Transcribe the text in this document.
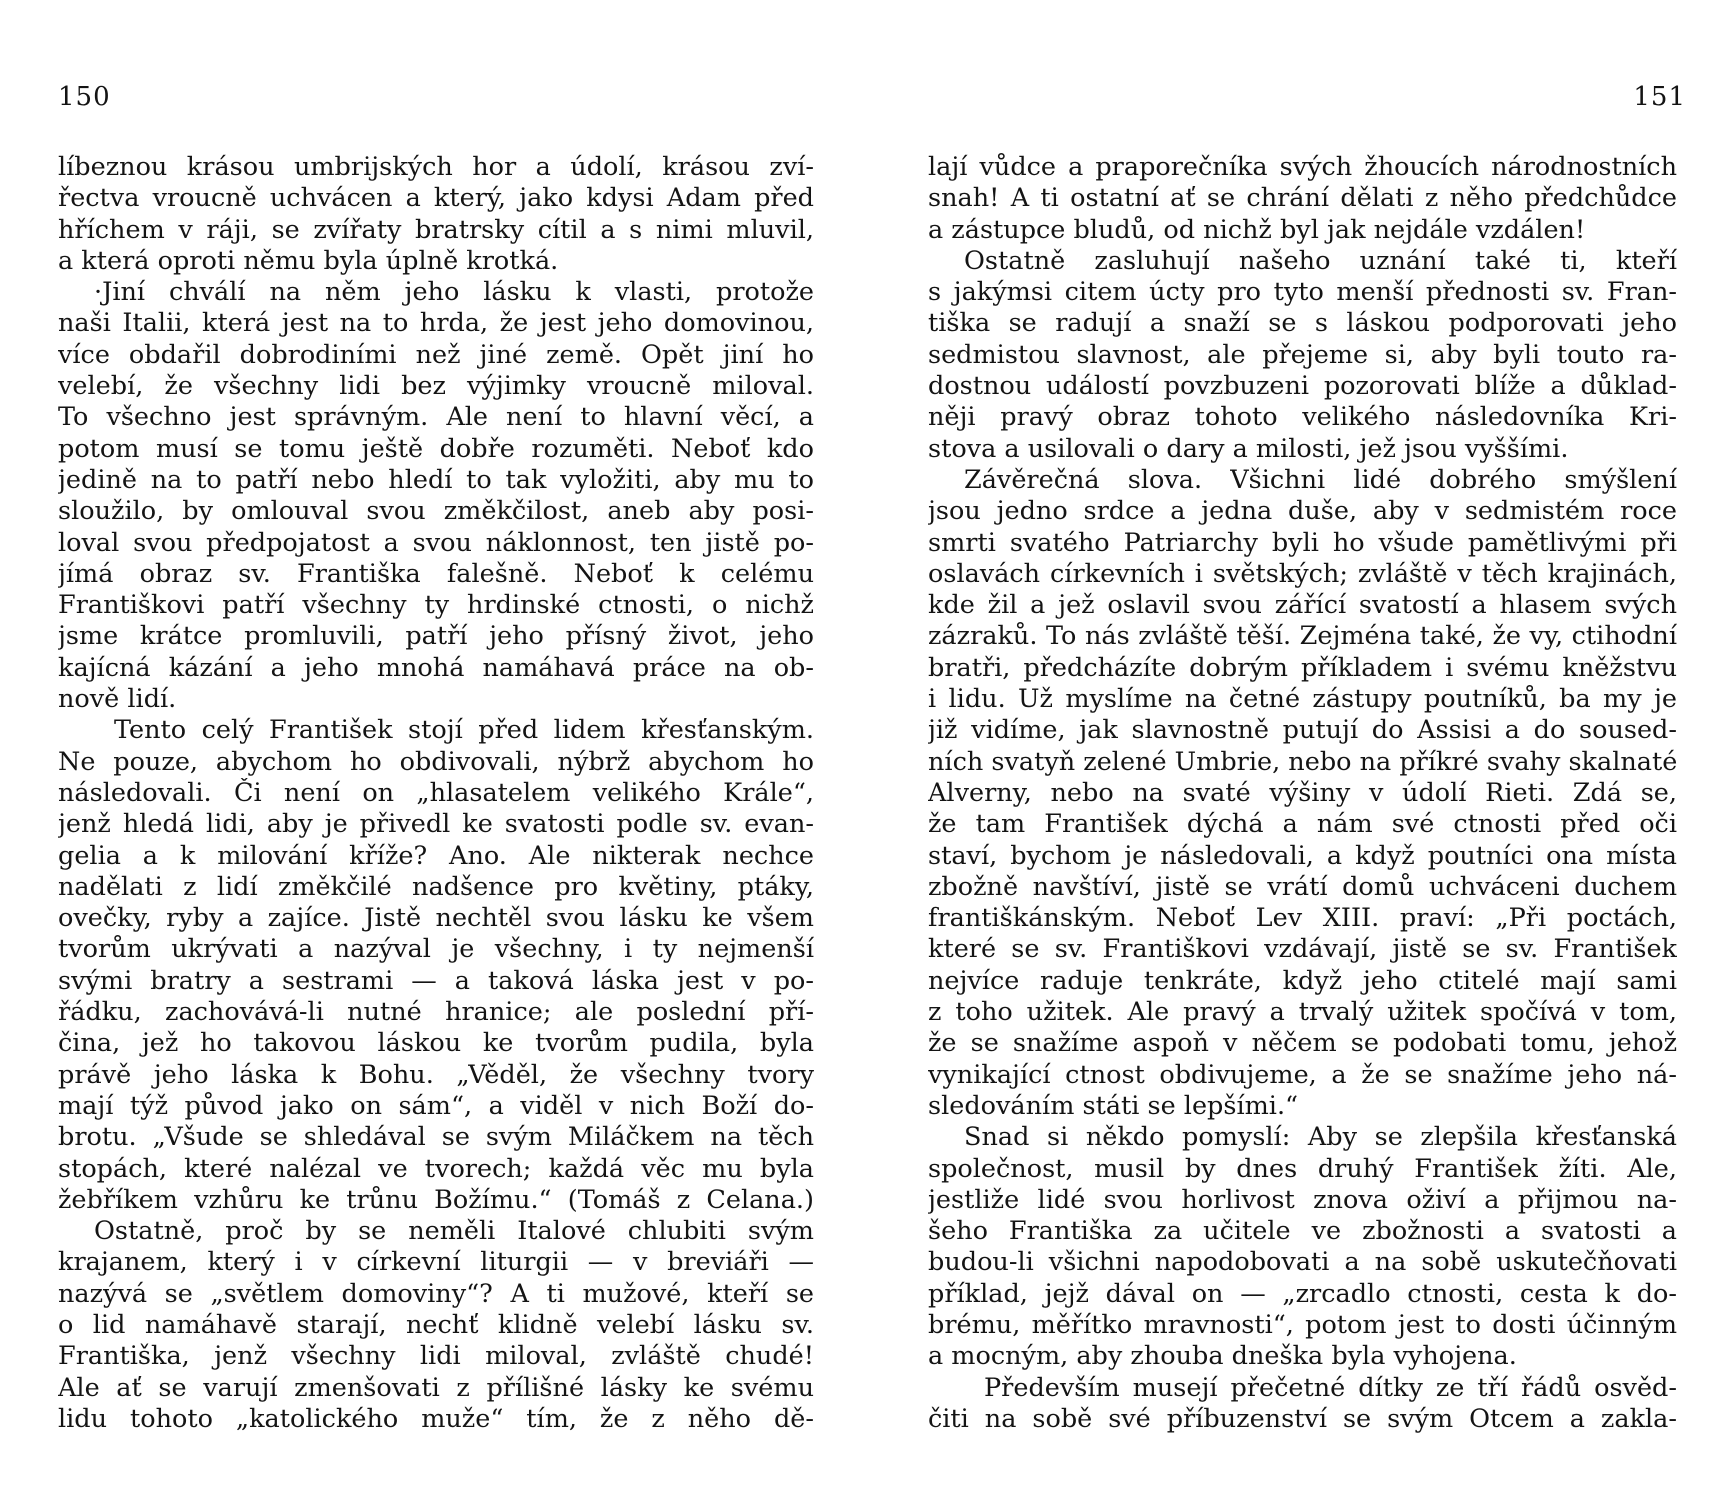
150
líbeznou krásou umbrijských hor a údolí, krásou zví-
řectva vroucně uchvácen a který, jako kdysi Adam před
hříchem v ráji, se zvířaty bratrsky cítil a s nimi mluvil,
a která oproti němu byla úplně krotká.
·Jiní chválí na něm jeho lásku k vlasti, protože
naši Italii, která jest na to hrda, že jest jeho domovinou,
více obdařil dobrodiními než jiné země. Opět jiní ho
velebí, že všechny lidi bez výjimky vroucně miloval.
To všechno jest správným. Ale není to hlavní věcí, a
potom musí se tomu ještě dobře rozuměti. Neboť kdo
jedině na to patří nebo hledí to tak vyložiti, aby mu to
sloužilo, by omlouval svou změkčilost, aneb aby posi-
loval svou předpojatost a svou náklonnost, ten jistě po-
jímá obraz sv. Františka falešně. Neboť k celému
Františkovi patří všechny ty hrdinské ctnosti, o nichž
jsme krátce promluvili, patří jeho přísný život, jeho
kajícná kázání a jeho mnohá namáhavá práce na ob-
nově lidí.
Tento celý František stojí před lidem křesťanským.
Ne pouze, abychom ho obdivovali, nýbrž abychom ho
následovali. Či není on „hlasatelem velikého Krále“,
jenž hledá lidi, aby je přivedl ke svatosti podle sv. evan-
gelia a k milování kříže? Ano. Ale nikterak nechce
nadělati z lidí změkčilé nadšence pro květiny, ptáky,
ovečky, ryby a zajíce. Jistě nechtěl svou lásku ke všem
tvorům ukrývati a nazýval je všechny, i ty nejmenší
svými bratry a sestrami — a taková láska jest v po-
řádku, zachovává-li nutné hranice; ale poslední pří-
čina, jež ho takovou láskou ke tvorům pudila, byla
právě jeho láska k Bohu. „Věděl, že všechny tvory
mají týž původ jako on sám“, a viděl v nich Boží do-
brotu. „Všude se shledával se svým Miláčkem na těch
stopách, které nalézal ve tvorech; každá věc mu byla
žebříkem vzhůru ke trůnu Božímu.“ (Tomáš z Celana.)
Ostatně, proč by se neměli Italové chlubiti svým
krajanem, který i v církevní liturgii — v breviáři —
nazývá se „světlem domoviny“? A ti mužové, kteří se
o lid namáhavě starají, nechť klidně velebí lásku sv.
Františka, jenž všechny lidi miloval, zvláště chudé!
Ale ať se varují zmenšovati z přílišné lásky ke svému
lidu tohoto „katolického muže“ tím, že z něho dě-
151
lají vůdce a praporečníka svých žhoucích národnostních
snah! A ti ostatní ať se chrání dělati z něho předchůdce
a zástupce bludů, od nichž byl jak nejdále vzdálen!
Ostatně zasluhují našeho uznání také ti, kteří
s jakýmsi citem úcty pro tyto menší přednosti sv. Fran-
tiška se radují a snaží se s láskou podporovati jeho
sedmistou slavnost, ale přejeme si, aby byli touto ra-
dostnou událostí povzbuzeni pozorovati blíže a důklad-
něji pravý obraz tohoto velikého následovníka Kri-
stova a usilovali o dary a milosti, jež jsou vyššími.
Závěrečná slova. Všichni lidé dobrého smýšlení
jsou jedno srdce a jedna duše, aby v sedmistém roce
smrti svatého Patriarchy byli ho všude pamětlivými při
oslavách církevních i světských; zvláště v těch krajinách,
kde žil a jež oslavil svou zářící svatostí a hlasem svých
zázraků. To nás zvláště těší. Zejména také, že vy, ctihodní
bratři, předcházíte dobrým příkladem i svému kněžstvu
i lidu. Už myslíme na četné zástupy poutníků, ba my je
již vidíme, jak slavnostně putují do Assisi a do soused-
ních svatyň zelené Umbrie, nebo na příkré svahy skalnaté
Alverny, nebo na svaté výšiny v údolí Rieti. Zdá se,
že tam František dýchá a nám své ctnosti před oči
staví, bychom je následovali, a když poutníci ona místa
zbožně navštíví, jistě se vrátí domů uchváceni duchem
františkánským. Neboť Lev XIII. praví: „Při poctách,
které se sv. Františkovi vzdávají, jistě se sv. František
nejvíce raduje tenkráte, když jeho ctitelé mají sami
z toho užitek. Ale pravý a trvalý užitek spočívá v tom,
že se snažíme aspoň v něčem se podobati tomu, jehož
vynikající ctnost obdivujeme, a že se snažíme jeho ná-
sledováním státi se lepšími.“
Snad si někdo pomyslí: Aby se zlepšila křesťanská
společnost, musil by dnes druhý František žíti. Ale,
jestliže lidé svou horlivost znova oživí a přijmou na-
šeho Františka za učitele ve zbožnosti a svatosti a
budou-li všichni napodobovati a na sobě uskutečňovati
příklad, jejž dával on — „zrcadlo ctnosti, cesta k do-
brému, měřítko mravnosti“, potom jest to dosti účinným
a mocným, aby zhouba dneška byla vyhojena.
Především musejí přečetné dítky ze tří řádů osvěd-
čiti na sobě své příbuzenství se svým Otcem a zakla-
